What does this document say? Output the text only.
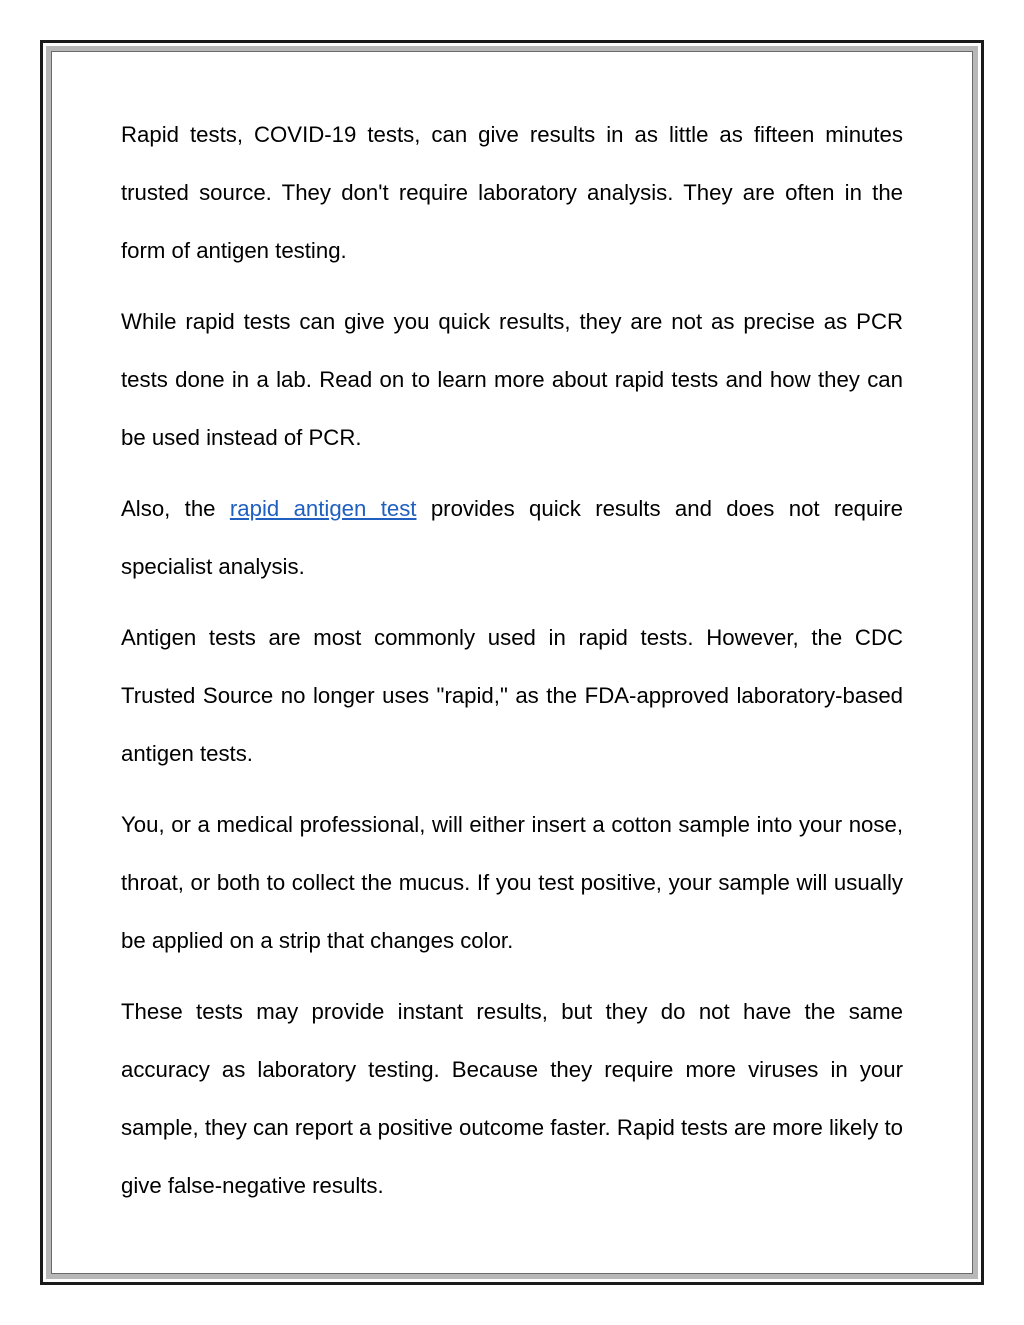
Rapid tests, COVID-19 tests, can give results in as little as fifteen minutes trusted source. They don't require laboratory analysis. They are often in the form of antigen testing.

While rapid tests can give you quick results, they are not as precise as PCR tests done in a lab. Read on to learn more about rapid tests and how they can be used instead of PCR.

Also, the rapid antigen test provides quick results and does not require specialist analysis.

Antigen tests are most commonly used in rapid tests. However, the CDC Trusted Source no longer uses "rapid," as the FDA-approved laboratory-based antigen tests.

You, or a medical professional, will either insert a cotton sample into your nose, throat, or both to collect the mucus. If you test positive, your sample will usually be applied on a strip that changes color.

These tests may provide instant results, but they do not have the same accuracy as laboratory testing. Because they require more viruses in your sample, they can report a positive outcome faster. Rapid tests are more likely to give false-negative results.
